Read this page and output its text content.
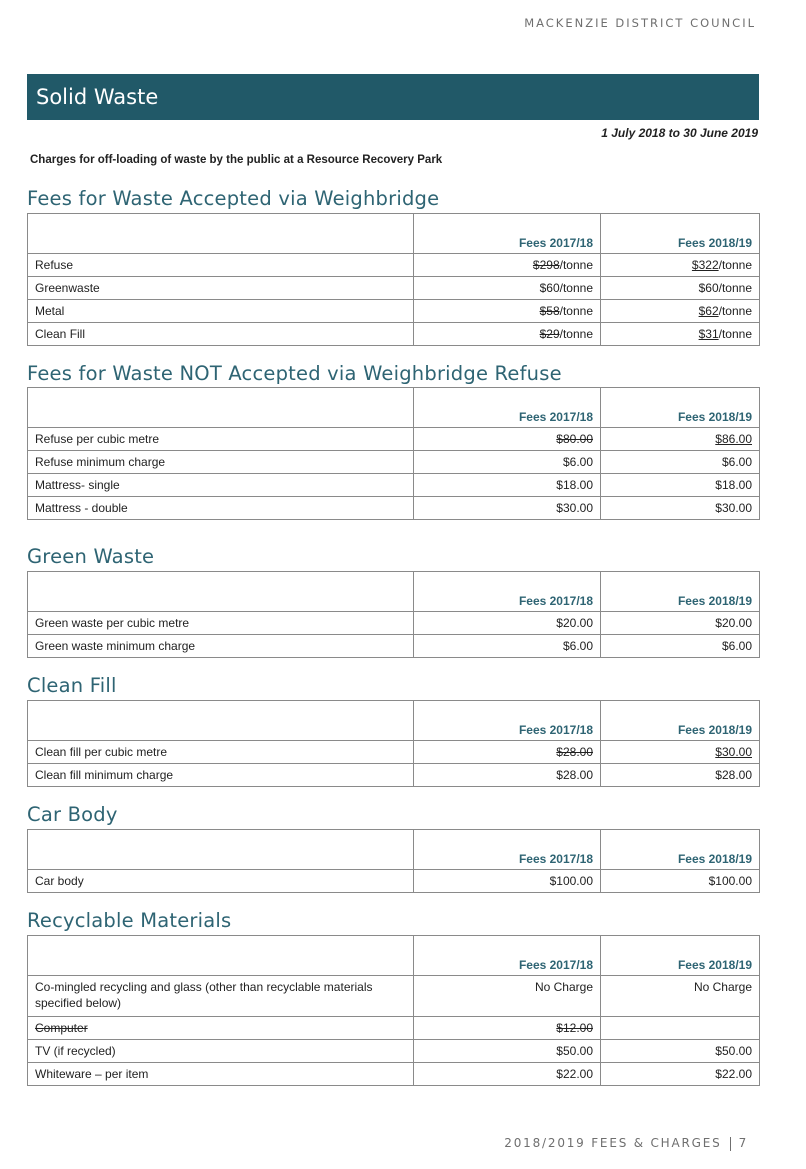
MACKENZIE DISTRICT COUNCIL
Solid Waste
1 July 2018 to 30 June 2019
Charges for off-loading of waste by the public at a Resource Recovery Park
Fees for Waste Accepted via Weighbridge
	Fees 2017/18	Fees 2018/19
Refuse	$298/tonne	$322/tonne
Greenwaste	$60/tonne	$60/tonne
Metal	$58/tonne	$62/tonne
Clean Fill	$29/tonne	$31/tonne
Fees for Waste NOT Accepted via Weighbridge Refuse
	Fees 2017/18	Fees 2018/19
Refuse per cubic metre	$80.00	$86.00
Refuse minimum charge	$6.00	$6.00
Mattress- single	$18.00	$18.00
Mattress - double	$30.00	$30.00
Green Waste
	Fees 2017/18	Fees 2018/19
Green waste per cubic metre	$20.00	$20.00
Green waste minimum charge	$6.00	$6.00
Clean Fill
	Fees 2017/18	Fees 2018/19
Clean fill per cubic metre	$28.00	$30.00
Clean fill minimum charge	$28.00	$28.00
Car Body
	Fees 2017/18	Fees 2018/19
Car body	$100.00	$100.00
Recyclable Materials
	Fees 2017/18	Fees 2018/19
Co-mingled recycling and glass (other than recyclable materials specified below)	No Charge	No Charge
Computer	$12.00	
TV (if recycled)	$50.00	$50.00
Whiteware – per item	$22.00	$22.00
2018/2019 FEES & CHARGES 7
